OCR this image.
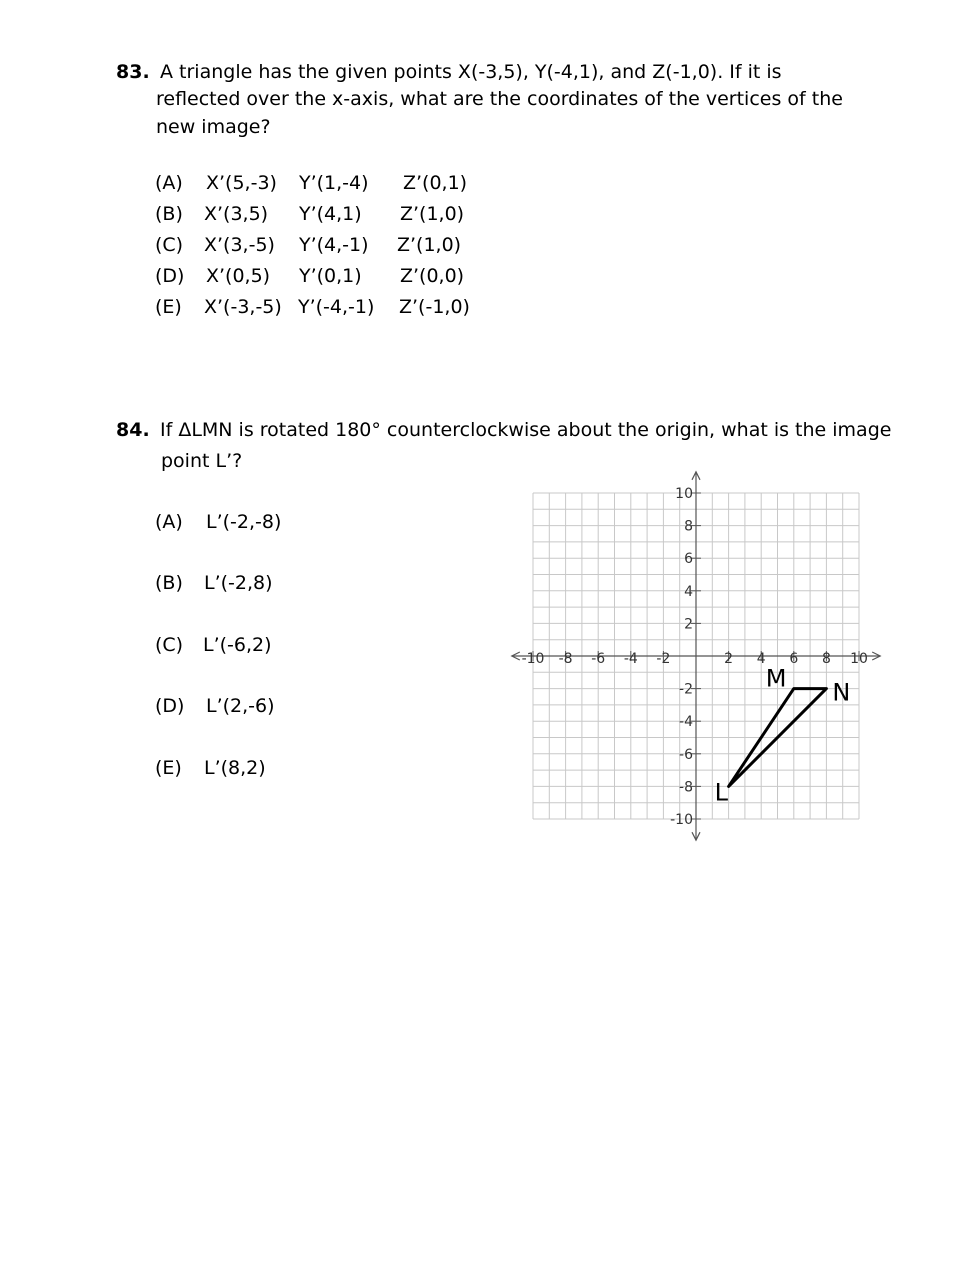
83. A triangle has the given points X(-3,5), Y(-4,1), and Z(-1,0). If it is
reflected over the x-axis, what are the coordinates of the vertices of the
new image?
(A) X’(5,-3) Y’(1,-4) Z’(0,1)
(B) X’(3,5) Y’(4,1) Z’(1,0)
(C) X’(3,-5) Y’(4,-1) Z’(1,0)
(D) X’(0,5) Y’(0,1) Z’(0,0)
(E) X’(-3,-5) Y’(-4,-1) Z’(-1,0)
84. If ΔLMN is rotated 180° counterclockwise about the origin, what is the image
point L’?
(A) L’(-2,-8)
(B) L’(-2,8)
(C) L’(-6,2)
(D) L’(2,-6)
(E) L’(8,2)
-10 -8 -6 -4 -2	2 4 6 8 10
10
8
6
4
2
-2
-4
-6
-8
-10
L
M N
